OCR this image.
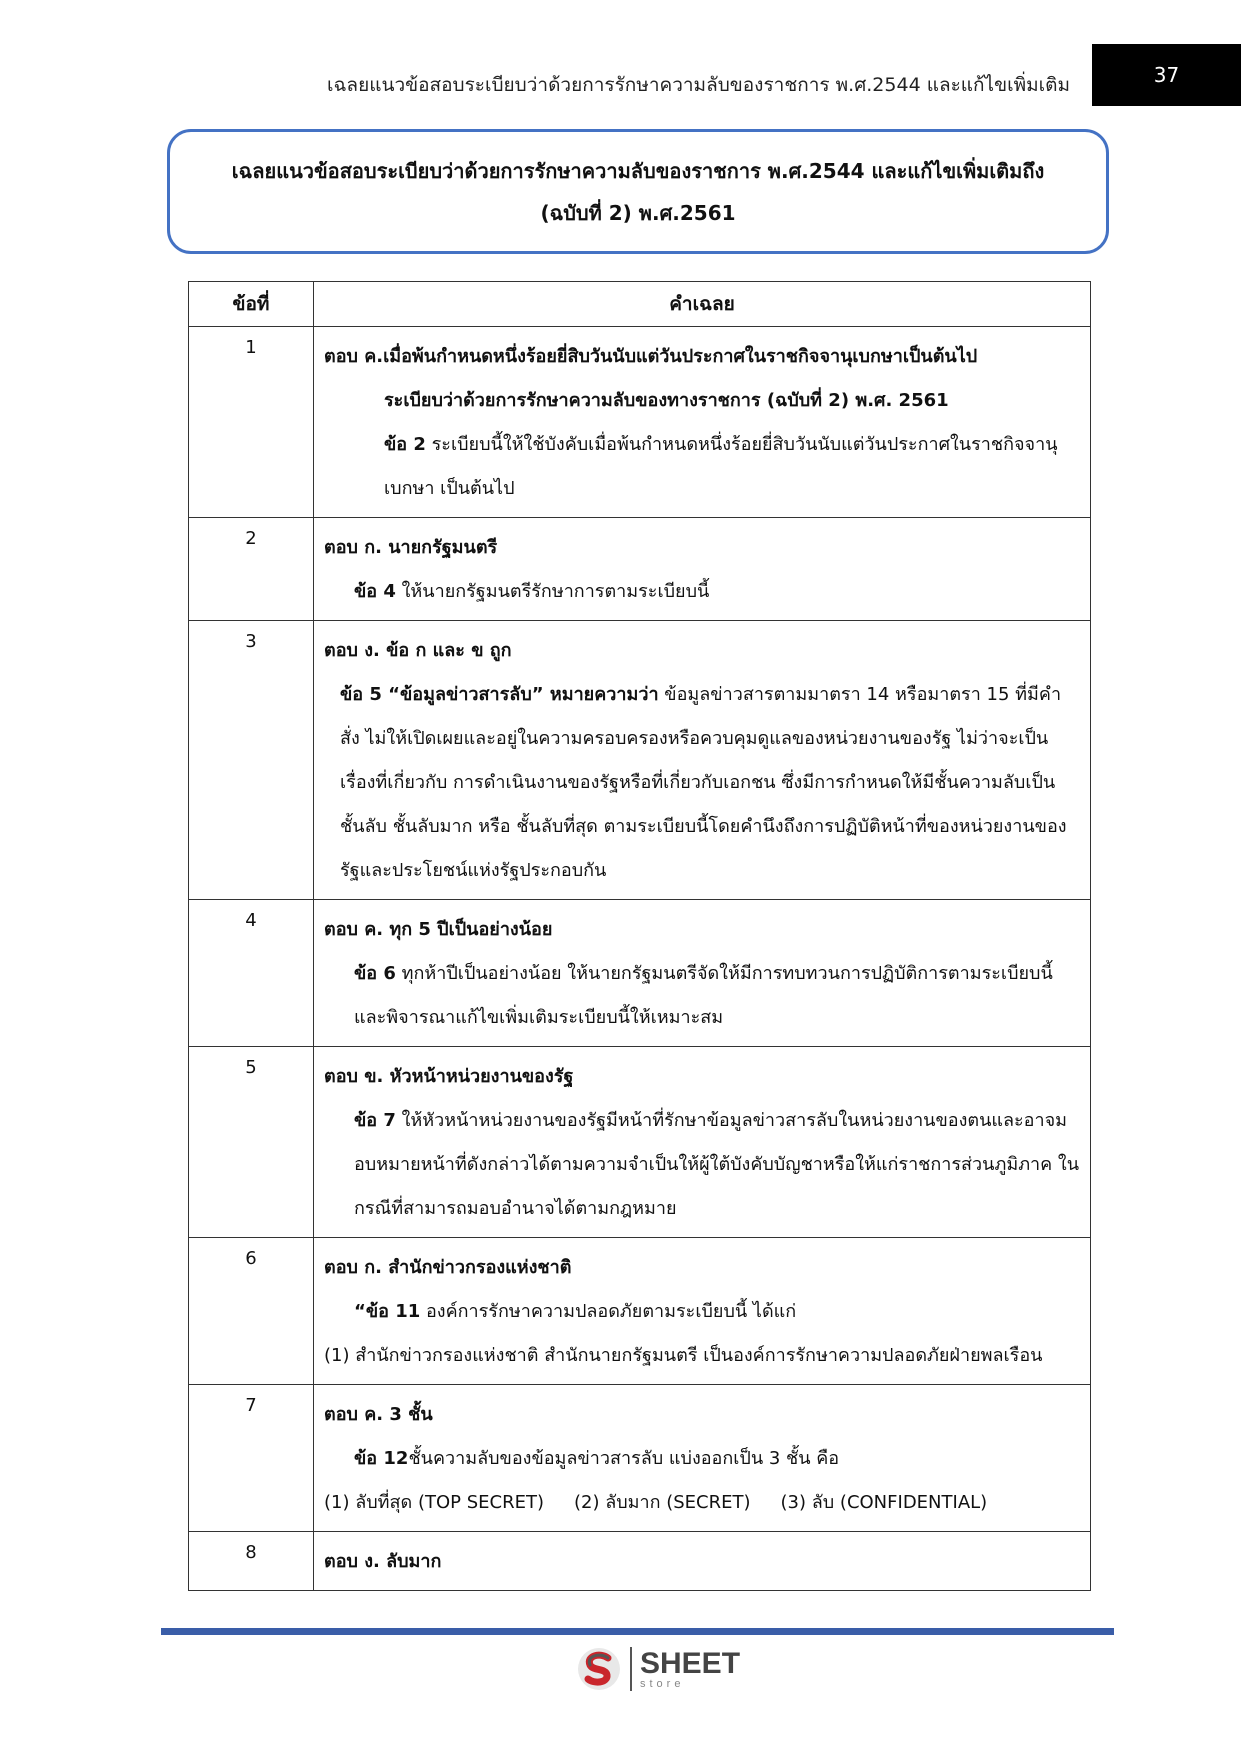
เฉลยแนวข้อสอบระเบียบว่าด้วยการรักษาความลับของราชการ พ.ศ.2544 และแก้ไขเพิ่มเติม	37
เฉลยแนวข้อสอบระเบียบว่าด้วยการรักษาความลับของราชการ พ.ศ.2544 และแก้ไขเพิ่มเติมถึง
(ฉบับที่ 2) พ.ศ.2561
ข้อที่	คำเฉลย
1	ตอบ ค.เมื่อพ้นกำหนดหนึ่งร้อยยี่สิบวันนับแต่วันประกาศในราชกิจจานุเบกษาเป็นต้นไป
ระเบียบว่าด้วยการรักษาความลับของทางราชการ (ฉบับที่ 2) พ.ศ. 2561
ข้อ 2 ระเบียบนี้ให้ใช้บังคับเมื่อพ้นกำหนดหนึ่งร้อยยี่สิบวันนับแต่วันประกาศในราชกิจจานุเบกษา เป็นต้นไป

2	ตอบ ก. นายกรัฐมนตรี
ข้อ 4 ให้นายกรัฐมนตรีรักษาการตามระเบียบนี้

3	ตอบ ง. ข้อ ก และ ข ถูก
ข้อ 5 “ข้อมูลข่าวสารลับ” หมายความว่า ข้อมูลข่าวสารตามมาตรา 14 หรือมาตรา 15 ที่มีคำสั่ง ไม่ให้เปิดเผยและอยู่ในความครอบครองหรือควบคุมดูแลของหน่วยงานของรัฐ ไม่ว่าจะเป็นเรื่องที่เกี่ยวกับ การดำเนินงานของรัฐหรือที่เกี่ยวกับเอกชน ซึ่งมีการกำหนดให้มีชั้นความลับเป็น ชั้นลับ ชั้นลับมาก หรือ ชั้นลับที่สุด ตามระเบียบนี้โดยคำนึงถึงการปฏิบัติหน้าที่ของหน่วยงานของรัฐและประโยชน์แห่งรัฐประกอบกัน

4	ตอบ ค. ทุก 5 ปีเป็นอย่างน้อย
ข้อ 6 ทุกห้าปีเป็นอย่างน้อย ให้นายกรัฐมนตรีจัดให้มีการทบทวนการปฏิบัติการตามระเบียบนี้และพิจารณาแก้ไขเพิ่มเติมระเบียบนี้ให้เหมาะสม

5	ตอบ ข. หัวหน้าหน่วยงานของรัฐ
ข้อ 7 ให้หัวหน้าหน่วยงานของรัฐมีหน้าที่รักษาข้อมูลข่าวสารลับในหน่วยงานของตนและอาจมอบหมายหน้าที่ดังกล่าวได้ตามความจำเป็นให้ผู้ใต้บังคับบัญชาหรือให้แก่ราชการส่วนภูมิภาค ในกรณีที่สามารถมอบอำนาจได้ตามกฎหมาย

6	ตอบ ก. สำนักข่าวกรองแห่งชาติ
“ข้อ 11 องค์การรักษาความปลอดภัยตามระเบียบนี้ ได้แก่
(1) สำนักข่าวกรองแห่งชาติ สำนักนายกรัฐมนตรี เป็นองค์การรักษาความปลอดภัยฝ่ายพลเรือน

7	ตอบ ค. 3 ชั้น
ข้อ 12ชั้นความลับของข้อมูลข่าวสารลับ แบ่งออกเป็น 3 ชั้น คือ
(1) ลับที่สุด (TOP SECRET) (2) ลับมาก (SECRET) (3) ลับ (CONFIDENTIAL)

8	ตอบ ง. ลับมาก
SHEET
store
